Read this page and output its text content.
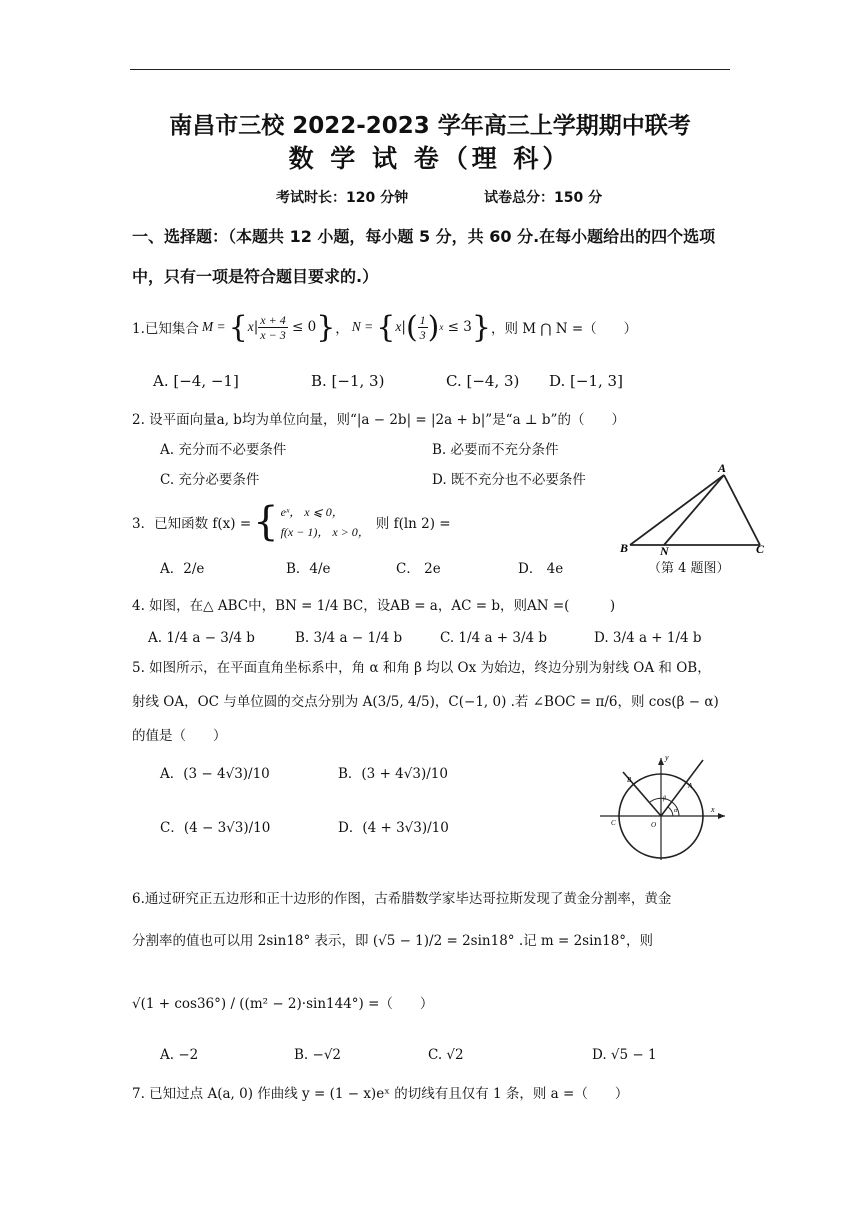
南昌市三校 2022-2023 学年高三上学期期中联考
数 学 试 卷（理 科）
考试时长：120 分钟	试卷总分：150 分
一、选择题：（本题共 12 小题，每小题 5 分，共 60 分.在每小题给出的四个选项
中，只有一项是符合题目要求的.）
1.已知集合 M = { x | $\frac{x + 4}{x - 3} \le 0$ } ， N = { x | ( $\frac{1}{3}$ ) x ≤ 3 } ，则 M ⋂ N =（　　）
A. [−4, −1]	B. [−1, 3)	C. [−4, 3) D. [−1, 3]
2. 设平面向量a, b均为单位向量，则“|a − 2b| = |2a + b|”是“a ⊥ b”的（　　）
A. 充分而不必要条件	B. 必要而不充分条件
C. 充分必要条件	D. 既不充分也不必要条件
3．已知函数 f(x) = { eˣ， x ⩽ 0，
f(x − 1)， x > 0， 则 f(ln 2) =
A．2/e	B．4/e	C． 2e	D． 4e
A
B	N	C
（第 4 题图）
4. 如图，在△ ABC中，BN = 1/4 BC，设AB = a，AC = b，则AN =(　　　)
A. 1/4 a − 3/4 b	B. 3/4 a − 1/4 b	C. 1/4 a + 3/4 b	D. 3/4 a + 1/4 b
5. 如图所示，在平面直角坐标系中，角 α 和角 β 均以 Ox 为始边，终边分别为射线 OA 和 OB，
射线 OA，OC 与单位圆的交点分别为 A(3/5, 4/5)，C(−1, 0) .若 ∠BOC = π/6，则 cos(β − α)
的值是（　　）
A．(3 − 4√3)/10	B．(3 + 4√3)/10
C．(4 − 3√3)/10	D．(4 + 3√3)/10
y
x
A
B
C	O
β
α
6.通过研究正五边形和正十边形的作图，古希腊数学家毕达哥拉斯发现了黄金分割率，黄金
分割率的值也可以用 2sin18° 表示，即 (√5 − 1)/2 = 2sin18° .记 m = 2sin18°，则
√(1 + cos36°) / ((m² − 2)·sin144°) =（　　）
A. −2	B. −√2	C. √2	D. √5 − 1
7. 已知过点 A(a, 0) 作曲线 y = (1 − x)eˣ 的切线有且仅有 1 条，则 a =（　　）
